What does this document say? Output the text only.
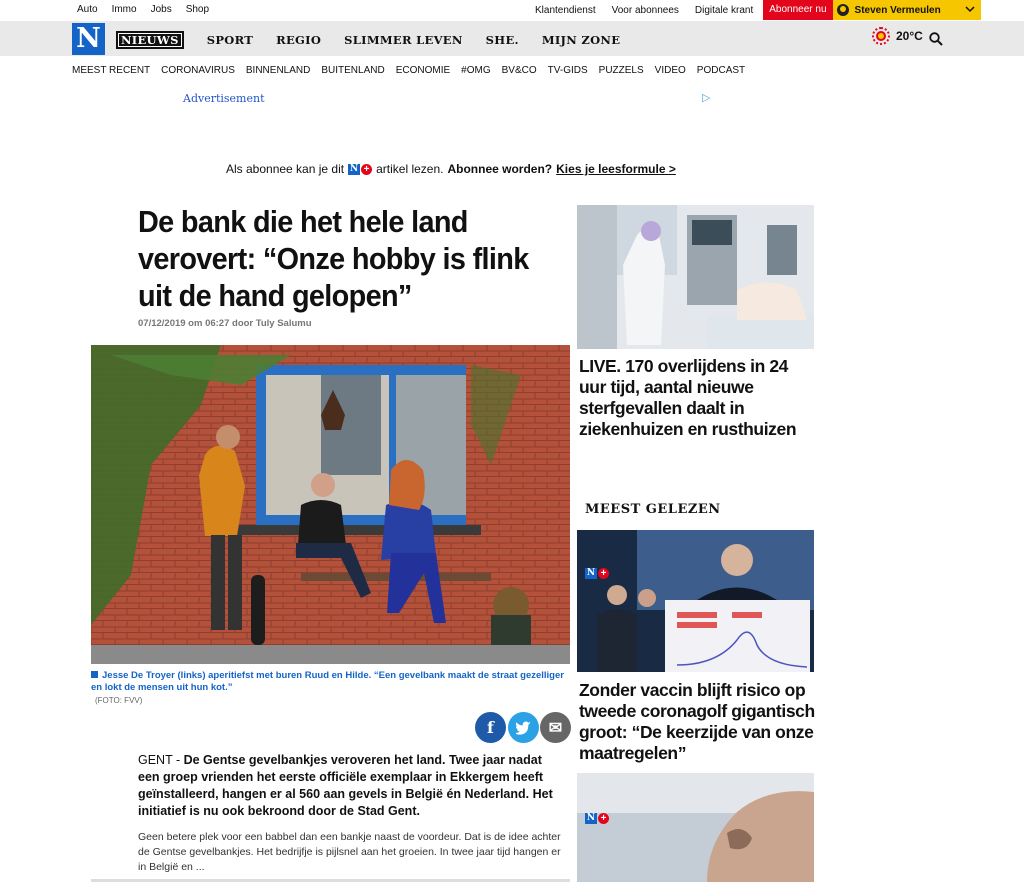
Auto Immo Jobs Shop	Klantendienst Voor abonnees Digitale krant	Abonneer nu	Steven Vermeulen
N	NIEUWS	SPORT REGIO SLIMMER LEVEN SHE. MIJN ZONE	20°C
MEEST RECENT CORONAVIRUS BINNENLAND BUITENLAND ECONOMIE #OMG BV&CO TV-GIDS PUZZELS VIDEO PODCAST
Advertisement	▷
Als abonnee kan je dit N + artikel lezen. Abonnee worden? Kies je leesformule >
De bank die het hele land verovert: “Onze hobby is flink uit de hand gelopen”
07/12/2019 om 06:27 door Tuly Salumu
Jesse De Troyer (links) aperitiefst met buren Ruud en Hilde. “Een gevelbank maakt de straat gezelliger en lokt de mensen uit hun kot.”
(FOTO: FVV)
f	✉

GENT - De Gentse gevelbankjes veroveren het land. Twee jaar nadat een groep vrienden het eerste officiële exemplaar in Ekkergem heeft geïnstalleerd, hangen er al 560 aan gevels in België én Nederland. Het initiatief is nu ook bekroond door de Stad Gent.

Geen betere plek voor een babbel dan een bankje naast de voordeur. Dat is de idee achter de Gentse gevelbankjes. Het bedrijfje is pijlsnel aan het groeien. In twee jaar tijd hangen er in België en ...

LIVE. 170 overlijdens in 24 uur tijd, aantal nieuwe sterfgevallen daalt in ziekenhuizen en rusthuizen
MEEST GELEZEN
N +
Zonder vaccin blijft risico op tweede coronagolf gigantisch groot: “De keerzijde van onze maatregelen”
N +
